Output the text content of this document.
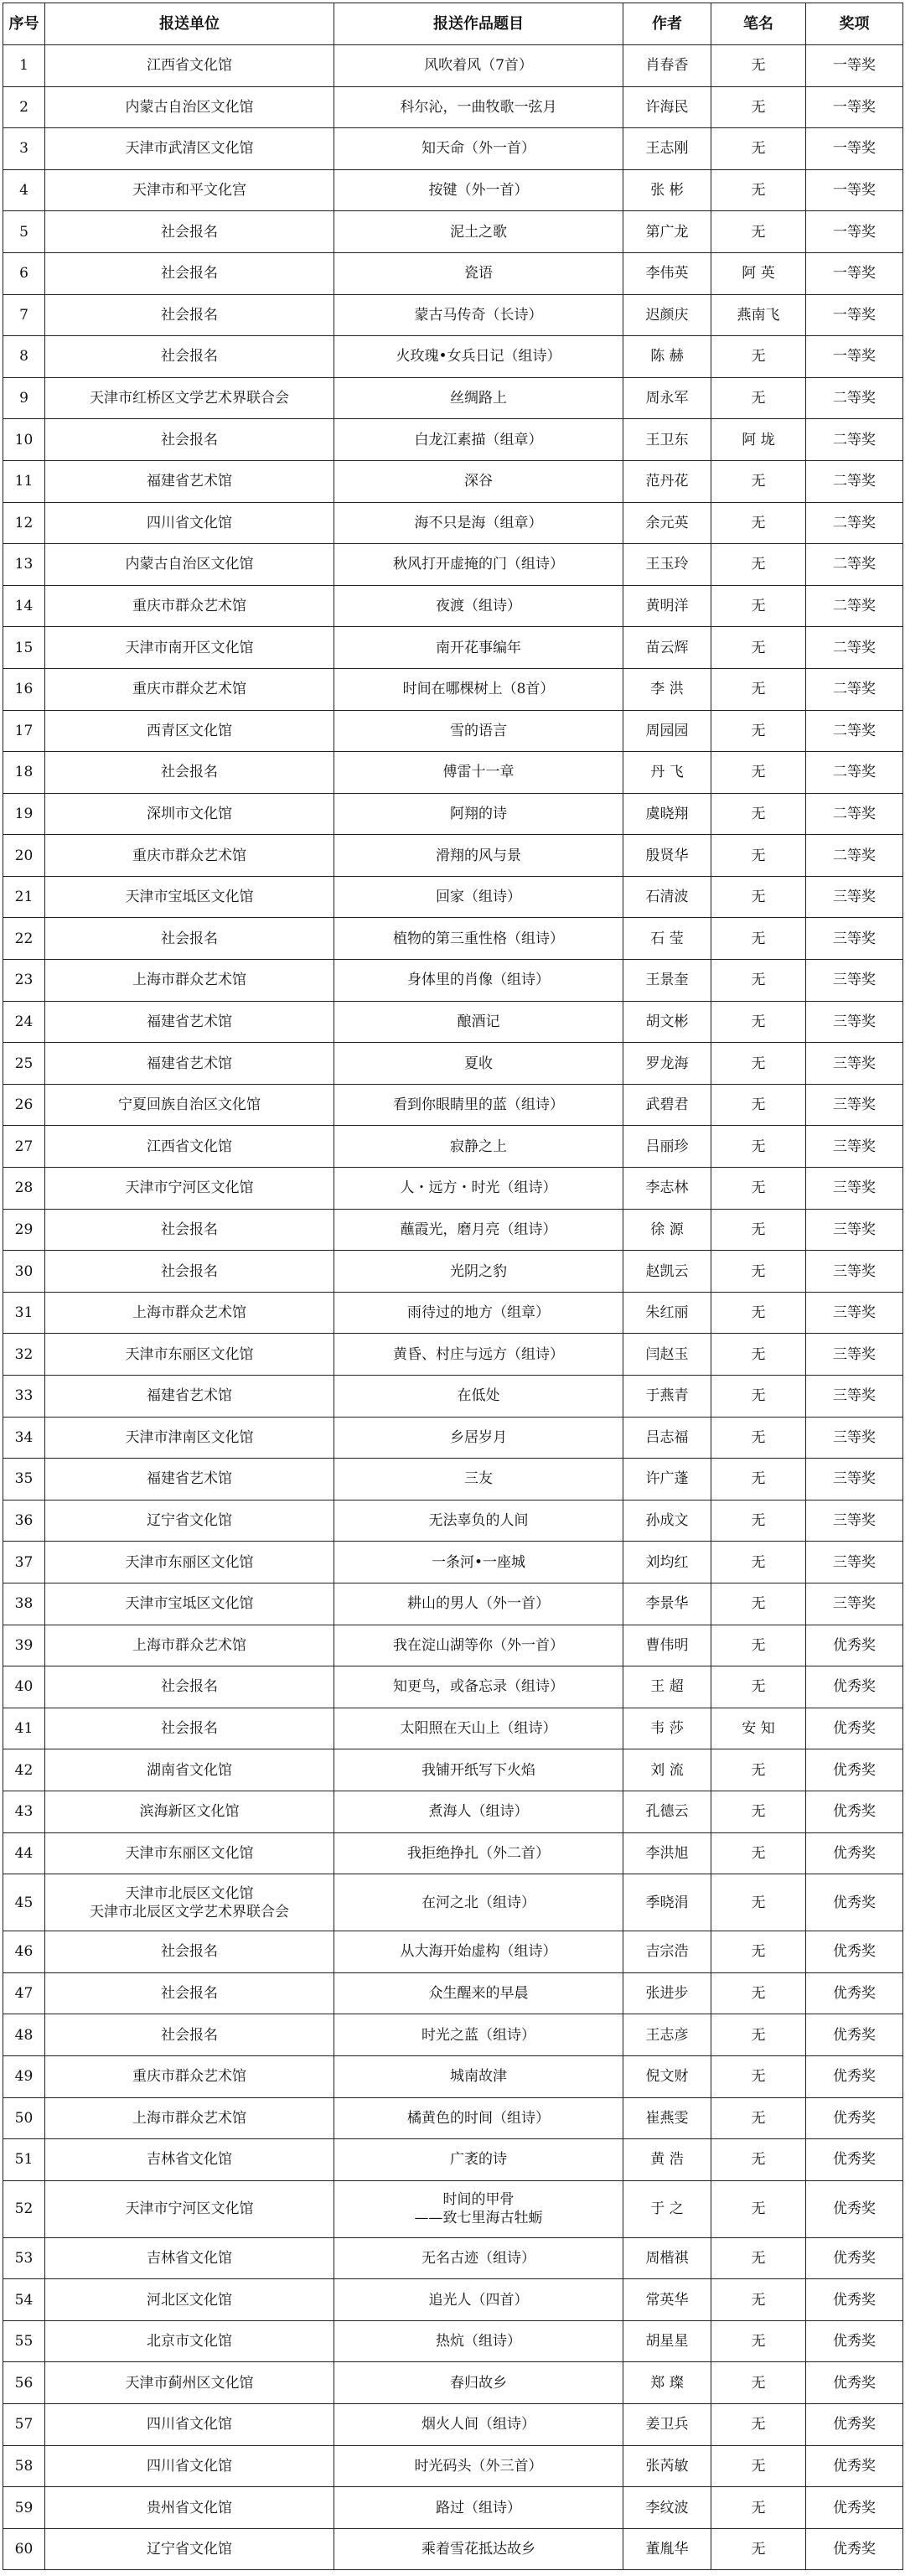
序号	报送单位	报送作品题目	作者	笔名	奖项
1	江西省文化馆	风吹着风（7首）	肖春香	无	一等奖
2	内蒙古自治区文化馆	科尔沁，一曲牧歌一弦月	许海民	无	一等奖
3	天津市武清区文化馆	知天命（外一首）	王志刚	无	一等奖
4	天津市和平文化宫	按键（外一首）	张 彬	无	一等奖
5	社会报名	泥土之歌	第广龙	无	一等奖
6	社会报名	瓷语	李伟英	阿 英	一等奖
7	社会报名	蒙古马传奇（长诗）	迟颜庆	燕南飞	一等奖
8	社会报名	火玫瑰•女兵日记（组诗）	陈 赫	无	一等奖
9	天津市红桥区文学艺术界联合会	丝绸路上	周永军	无	二等奖
10	社会报名	白龙江素描（组章）	王卫东	阿 垅	二等奖
11	福建省艺术馆	深谷	范丹花	无	二等奖
12	四川省文化馆	海不只是海（组章）	余元英	无	二等奖
13	内蒙古自治区文化馆	秋风打开虚掩的门（组诗）	王玉玲	无	二等奖
14	重庆市群众艺术馆	夜渡（组诗）	黄明洋	无	二等奖
15	天津市南开区文化馆	南开花事编年	苗云辉	无	二等奖
16	重庆市群众艺术馆	时间在哪棵树上（8首）	李 洪	无	二等奖
17	西青区文化馆	雪的语言	周园园	无	二等奖
18	社会报名	傅雷十一章	丹 飞	无	二等奖
19	深圳市文化馆	阿翔的诗	虞晓翔	无	二等奖
20	重庆市群众艺术馆	滑翔的风与景	殷贤华	无	二等奖
21	天津市宝坻区文化馆	回家（组诗）	石清波	无	三等奖
22	社会报名	植物的第三重性格（组诗）	石 莹	无	三等奖
23	上海市群众艺术馆	身体里的肖像（组诗）	王景奎	无	三等奖
24	福建省艺术馆	酿酒记	胡文彬	无	三等奖
25	福建省艺术馆	夏收	罗龙海	无	三等奖
26	宁夏回族自治区文化馆	看到你眼睛里的蓝（组诗）	武碧君	无	三等奖
27	江西省文化馆	寂静之上	吕丽珍	无	三等奖
28	天津市宁河区文化馆	人・远方・时光（组诗）	李志林	无	三等奖
29	社会报名	蘸霞光，磨月亮（组诗）	徐 源	无	三等奖
30	社会报名	光阴之豹	赵凯云	无	三等奖
31	上海市群众艺术馆	雨待过的地方（组章）	朱红丽	无	三等奖
32	天津市东丽区文化馆	黄昏、村庄与远方（组诗）	闫赵玉	无	三等奖
33	福建省艺术馆	在低处	于燕青	无	三等奖
34	天津市津南区文化馆	乡居岁月	吕志福	无	三等奖
35	福建省艺术馆	三友	许广蓬	无	三等奖
36	辽宁省文化馆	无法辜负的人间	孙成文	无	三等奖
37	天津市东丽区文化馆	一条河•一座城	刘均红	无	三等奖
38	天津市宝坻区文化馆	耕山的男人（外一首）	李景华	无	三等奖
39	上海市群众艺术馆	我在淀山湖等你（外一首）	曹伟明	无	优秀奖
40	社会报名	知更鸟，或备忘录（组诗）	王 超	无	优秀奖
41	社会报名	太阳照在天山上（组诗）	韦 莎	安 知	优秀奖
42	湖南省文化馆	我铺开纸写下火焰	刘 流	无	优秀奖
43	滨海新区文化馆	煮海人（组诗）	孔德云	无	优秀奖
44	天津市东丽区文化馆	我拒绝挣扎（外二首）	李洪旭	无	优秀奖
45	天津市北辰区文化馆
天津市北辰区文学艺术界联合会	在河之北（组诗）	季晓涓	无	优秀奖
46	社会报名	从大海开始虚构（组诗）	吉宗浩	无	优秀奖
47	社会报名	众生醒来的早晨	张进步	无	优秀奖
48	社会报名	时光之蓝（组诗）	王志彦	无	优秀奖
49	重庆市群众艺术馆	城南故津	倪文财	无	优秀奖
50	上海市群众艺术馆	橘黄色的时间（组诗）	崔燕雯	无	优秀奖
51	吉林省文化馆	广袤的诗	黄 浩	无	优秀奖
52	天津市宁河区文化馆	时间的甲骨
——致七里海古牡蛎	于 之	无	优秀奖
53	吉林省文化馆	无名古迹（组诗）	周楷祺	无	优秀奖
54	河北区文化馆	追光人（四首）	常英华	无	优秀奖
55	北京市文化馆	热炕（组诗）	胡星星	无	优秀奖
56	天津市蓟州区文化馆	春归故乡	郑 璨	无	优秀奖
57	四川省文化馆	烟火人间（组诗）	姜卫兵	无	优秀奖
58	四川省文化馆	时光码头（外三首）	张芮敏	无	优秀奖
59	贵州省文化馆	路过（组诗）	李纹波	无	优秀奖
60	辽宁省文化馆	乘着雪花抵达故乡	董胤华	无	优秀奖
